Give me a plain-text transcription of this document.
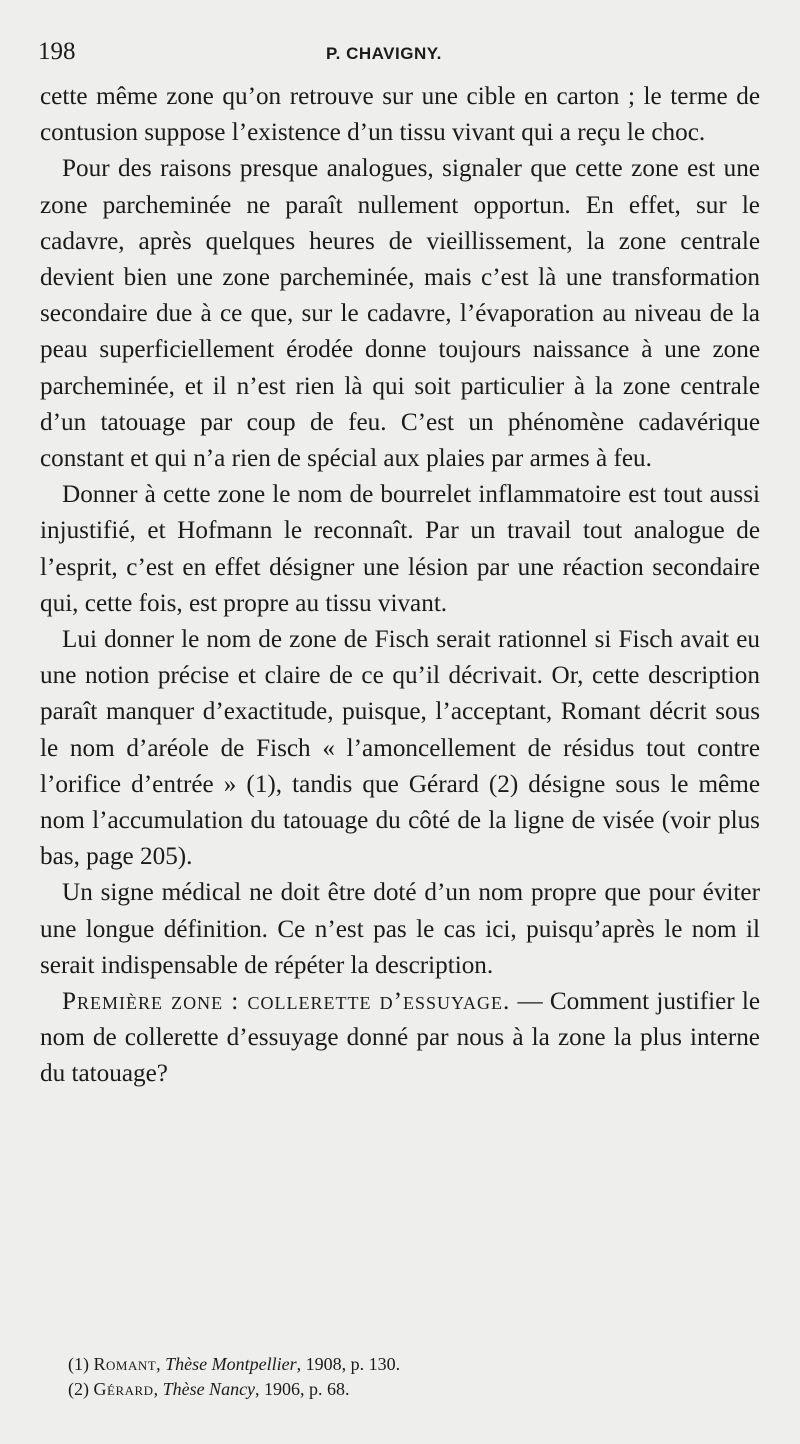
198	P. CHAVIGNY.

cette même zone qu’on retrouve sur une cible en carton ; le terme de contusion suppose l’existence d’un tissu vivant qui a reçu le choc.

Pour des raisons presque analogues, signaler que cette zone est une zone parcheminée ne paraît nullement opportun. En effet, sur le cadavre, après quelques heures de vieillissement, la zone centrale devient bien une zone parcheminée, mais c’est là une transformation secondaire due à ce que, sur le cadavre, l’évaporation au niveau de la peau superficiellement érodée donne toujours naissance à une zone parcheminée, et il n’est rien là qui soit particulier à la zone centrale d’un tatouage par coup de feu. C’est un phénomène cadavérique constant et qui n’a rien de spécial aux plaies par armes à feu.

Donner à cette zone le nom de bourrelet inflammatoire est tout aussi injustifié, et Hofmann le reconnaît. Par un travail tout analogue de l’esprit, c’est en effet désigner une lésion par une réaction secondaire qui, cette fois, est propre au tissu vivant.

Lui donner le nom de zone de Fisch serait rationnel si Fisch avait eu une notion précise et claire de ce qu’il décrivait. Or, cette description paraît manquer d’exactitude, puisque, l’acceptant, Romant décrit sous le nom d’aréole de Fisch « l’amoncellement de résidus tout contre l’orifice d’entrée » (1), tandis que Gérard (2) désigne sous le même nom l’accumulation du tatouage du côté de la ligne de visée (voir plus bas, page 205).

Un signe médical ne doit être doté d’un nom propre que pour éviter une longue définition. Ce n’est pas le cas ici, puisqu’après le nom il serait indispensable de répéter la description.

Première zone : collerette d’essuyage. — Comment justifier le nom de collerette d’essuyage donné par nous à la zone la plus interne du tatouage?

(1) Romant, Thèse Montpellier, 1908, p. 130.

(2) Gérard, Thèse Nancy, 1906, p. 68.
